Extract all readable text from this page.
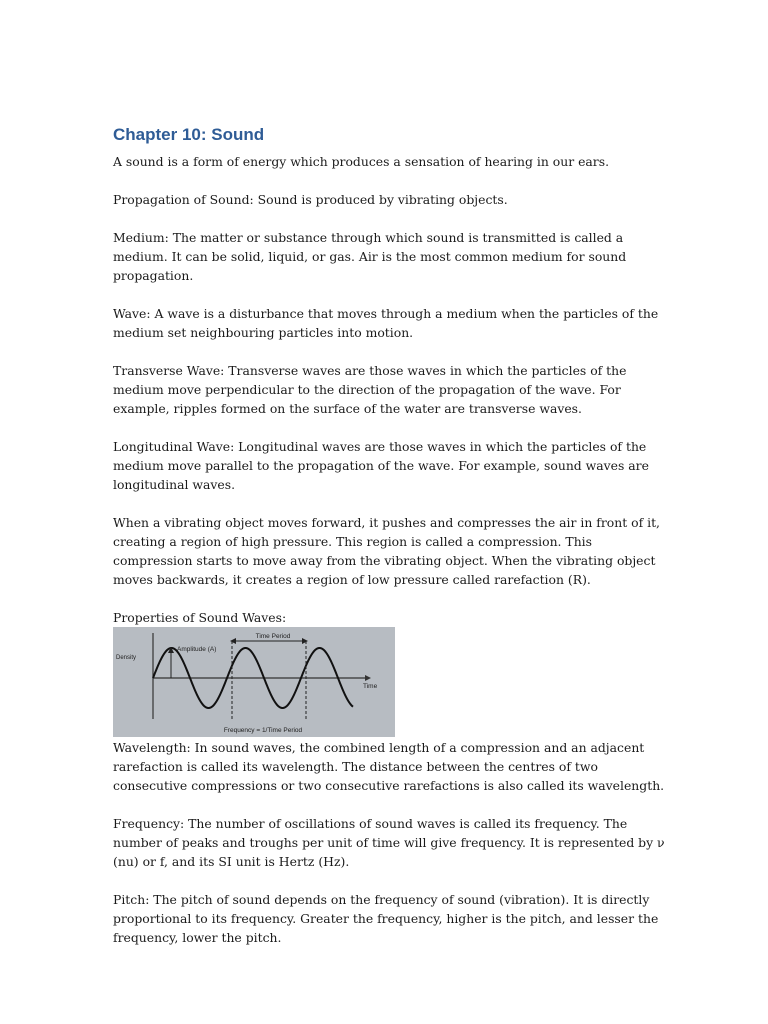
Chapter 10: Sound

A sound is a form of energy which produces a sensation of hearing in our ears.

Propagation of Sound: Sound is produced by vibrating objects.

Medium: The matter or substance through which sound is transmitted is called a medium. It can be solid, liquid, or gas. Air is the most common medium for sound propagation.

Wave: A wave is a disturbance that moves through a medium when the particles of the medium set neighbouring particles into motion.

Transverse Wave: Transverse waves are those waves in which the particles of the medium move perpendicular to the direction of the propagation of the wave. For example, ripples formed on the surface of the water are transverse waves.

Longitudinal Wave: Longitudinal waves are those waves in which the particles of the medium move parallel to the propagation of the wave. For example, sound waves are longitudinal waves.

When a vibrating object moves forward, it pushes and compresses the air in front of it, creating a region of high pressure. This region is called a compression. This compression starts to move away from the vibrating object. When the vibrating object moves backwards, it creates a region of low pressure called rarefaction (R).

Properties of Sound Waves:

Time Period
Amplitude (A)
Density
Time
Frequency = 1/Time Period

Wavelength: In sound waves, the combined length of a compression and an adjacent rarefaction is called its wavelength. The distance between the centres of two consecutive compressions or two consecutive rarefactions is also called its wavelength.

Frequency: The number of oscillations of sound waves is called its frequency. The number of peaks and troughs per unit of time will give frequency. It is represented by ν (nu) or f, and its SI unit is Hertz (Hz).

Pitch: The pitch of sound depends on the frequency of sound (vibration). It is directly proportional to its frequency. Greater the frequency, higher is the pitch, and lesser the frequency, lower the pitch.
